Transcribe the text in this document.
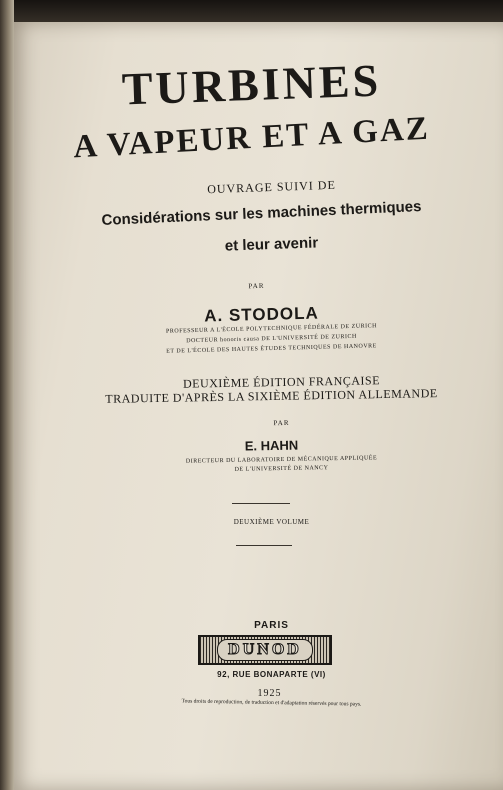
TURBINES
A VAPEUR ET A GAZ
OUVRAGE SUIVI DE
Considérations sur les machines thermiques
et leur avenir
PAR
A. STODOLA
PROFESSEUR A L'ÉCOLE POLYTECHNIQUE FÉDÉRALE DE ZURICH
DOCTEUR honoris causa DE L'UNIVERSITÉ DE ZURICH
ET DE L'ÉCOLE DES HAUTES ÉTUDES TECHNIQUES DE HANOVRE
DEUXIÈME ÉDITION FRANÇAISE
TRADUITE D'APRÈS LA SIXIÈME ÉDITION ALLEMANDE
PAR
E. HAHN
DIRECTEUR DU LABORATOIRE DE MÉCANIQUE APPLIQUÉE
DE L'UNIVERSITÉ DE NANCY
DEUXIÈME VOLUME
PARIS
DUNOD
92, RUE BONAPARTE (VI)
1925
Tous droits de reproduction, de traduction et d'adaptation réservés pour tous pays.
